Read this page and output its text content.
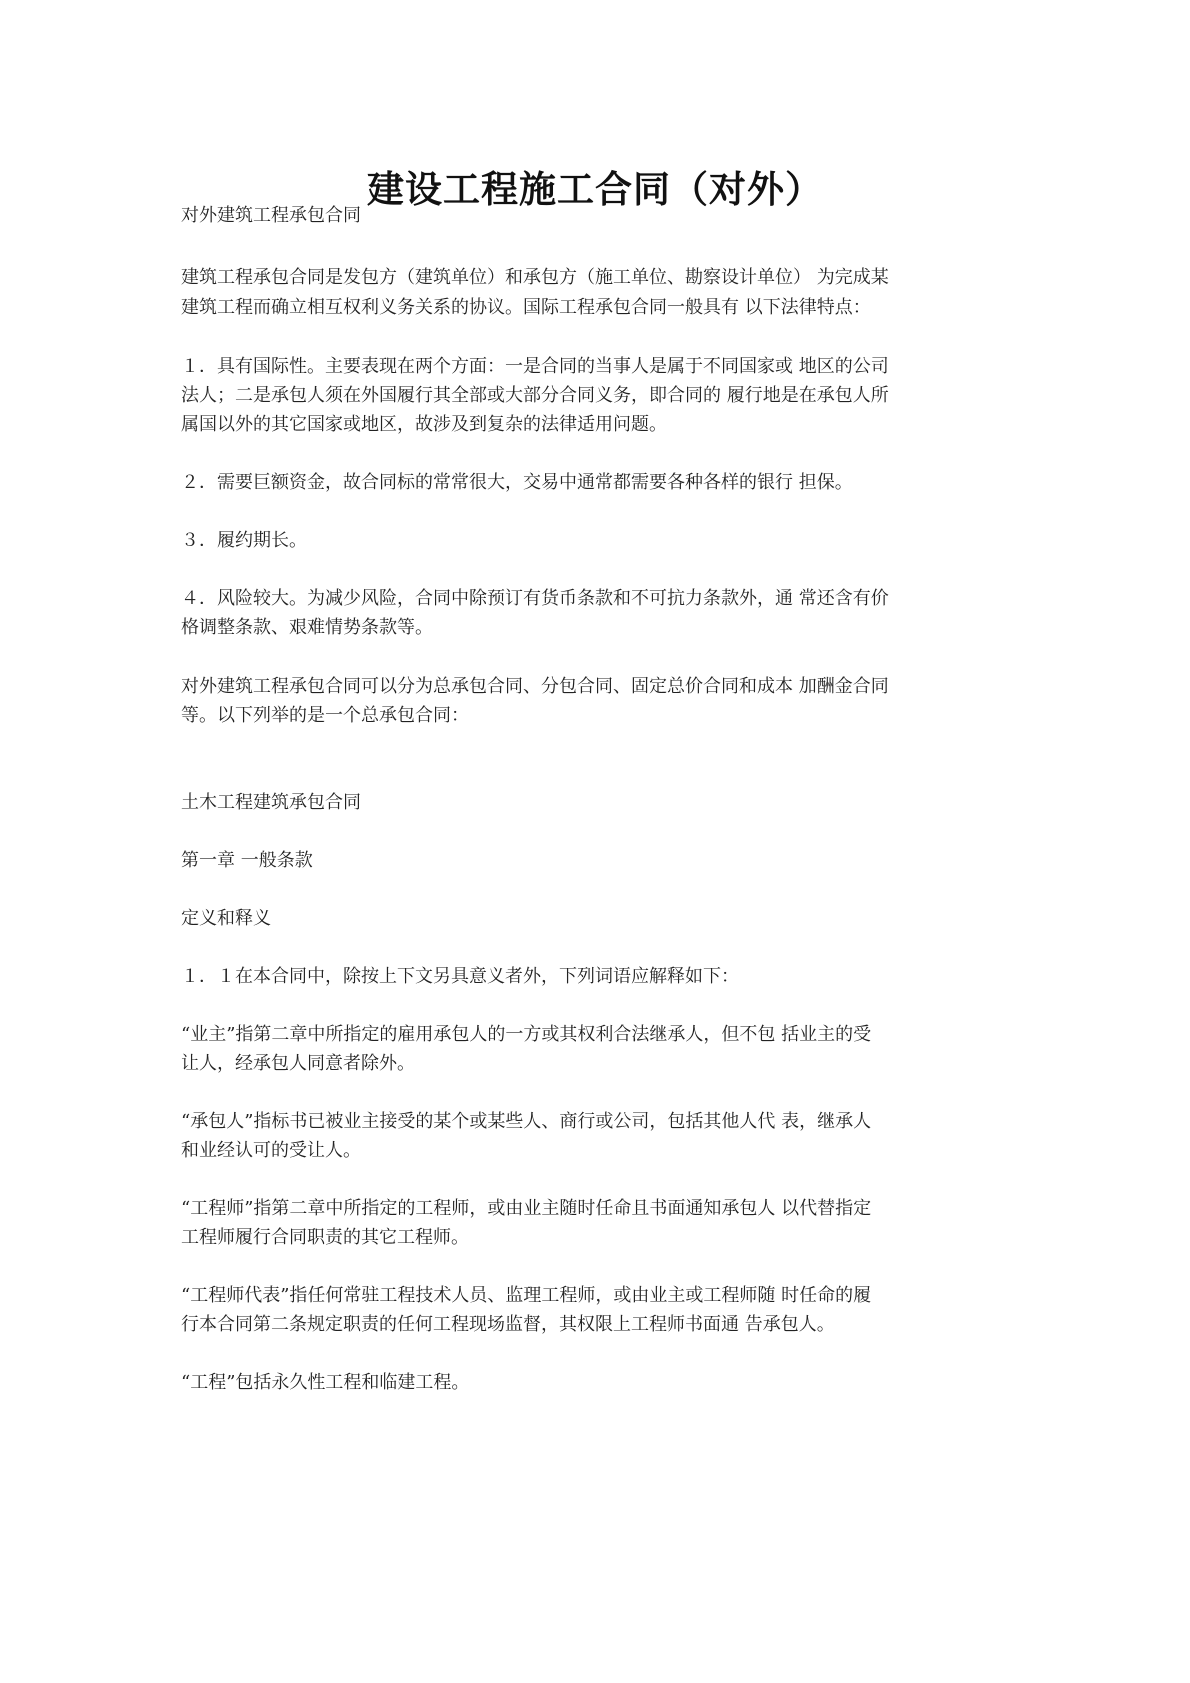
建设工程施工合同（对外）
对外建筑工程承包合同
建筑工程承包合同是发包方（建筑单位）和承包方（施工单位、勘察设计单位） 为完成某
建筑工程而确立相互权利义务关系的协议。国际工程承包合同一般具有 以下法律特点：
１．具有国际性。主要表现在两个方面：一是合同的当事人是属于不同国家或 地区的公司
法人；二是承包人须在外国履行其全部或大部分合同义务，即合同的 履行地是在承包人所
属国以外的其它国家或地区，故涉及到复杂的法律适用问题。
２．需要巨额资金，故合同标的常常很大，交易中通常都需要各种各样的银行 担保。
３．履约期长。
４．风险较大。为减少风险，合同中除预订有货币条款和不可抗力条款外，通 常还含有价
格调整条款、艰难情势条款等。
对外建筑工程承包合同可以分为总承包合同、分包合同、固定总价合同和成本 加酬金合同
等。以下列举的是一个总承包合同：
土木工程建筑承包合同
第一章 一般条款
定义和释义
１．１在本合同中，除按上下文另具意义者外，下列词语应解释如下：
“业主”指第二章中所指定的雇用承包人的一方或其权利合法继承人，但不包 括业主的受
让人，经承包人同意者除外。
“承包人”指标书已被业主接受的某个或某些人、商行或公司，包括其他人代 表，继承人
和业经认可的受让人。
“工程师”指第二章中所指定的工程师，或由业主随时任命且书面通知承包人 以代替指定
工程师履行合同职责的其它工程师。
“工程师代表”指任何常驻工程技术人员、监理工程师，或由业主或工程师随 时任命的履
行本合同第二条规定职责的任何工程现场监督，其权限上工程师书面通 告承包人。
“工程”包括永久性工程和临建工程。
